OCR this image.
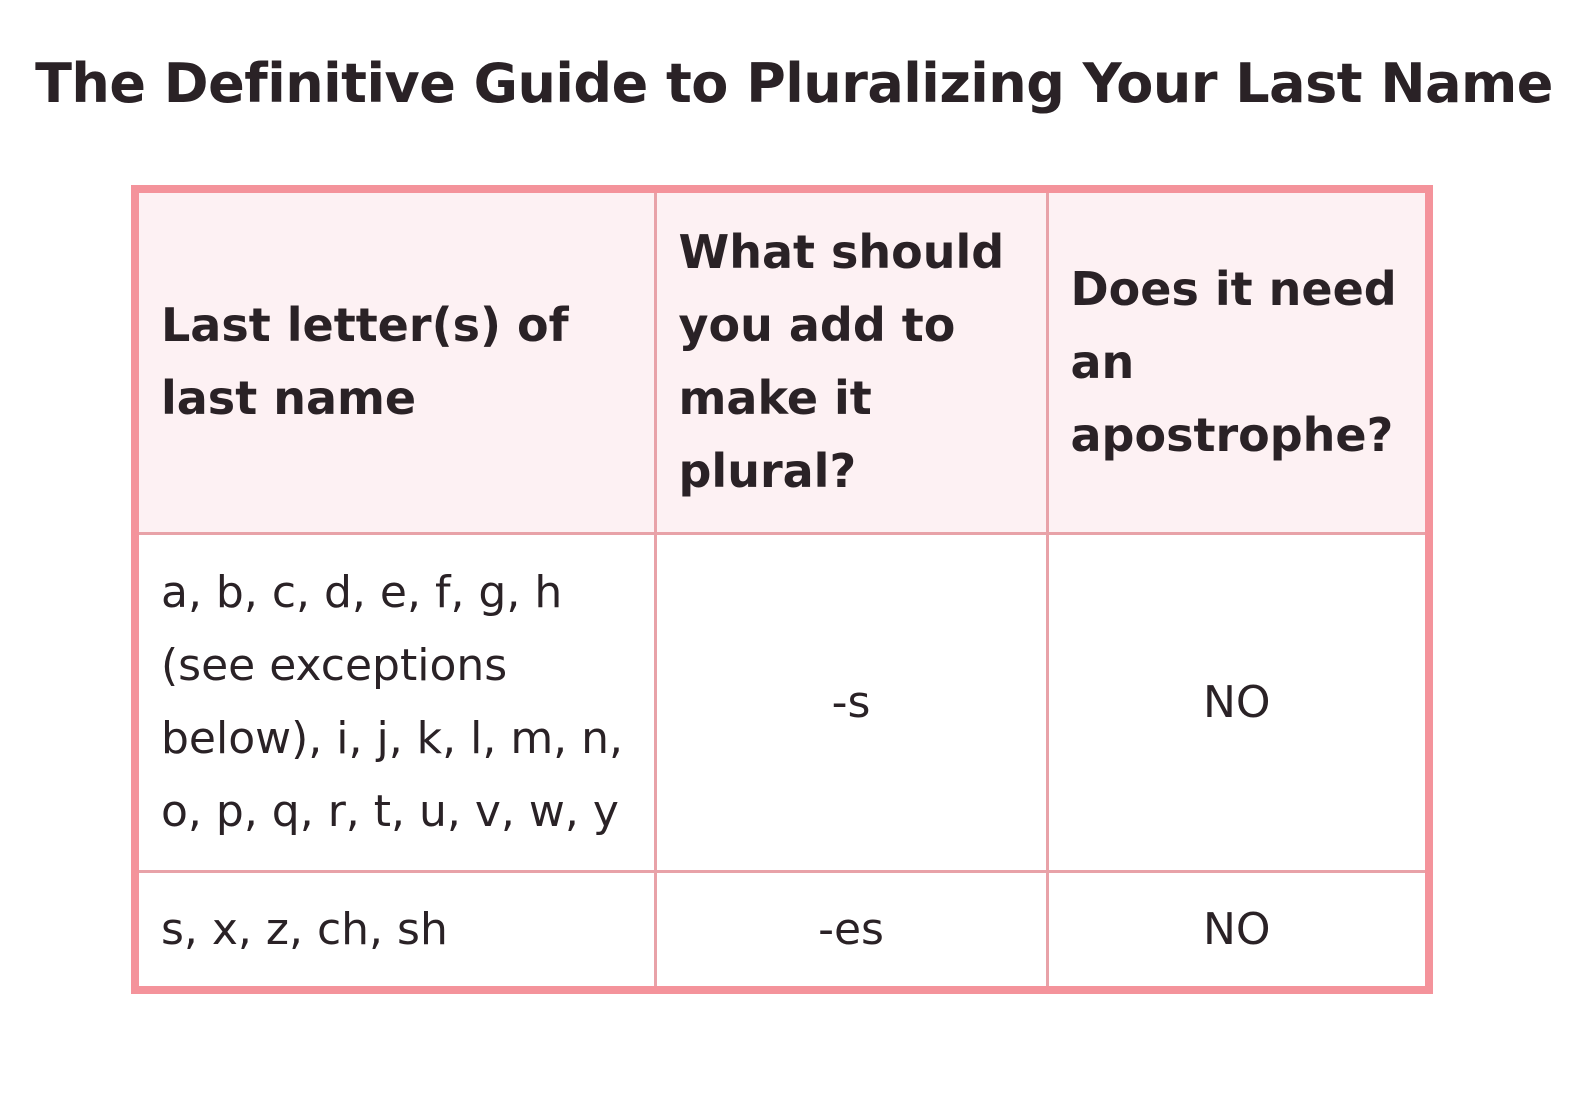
The Definitive Guide to Pluralizing Your Last Name
Last letter(s) of last name	What should you add to make it plural?	Does it need an apostrophe?
a, b, c, d, e, f, g, h (see exceptions below), i, j, k, l, m, n, o, p, q, r, t, u, v, w, y	-s	NO
s, x, z, ch, sh	-es	NO
